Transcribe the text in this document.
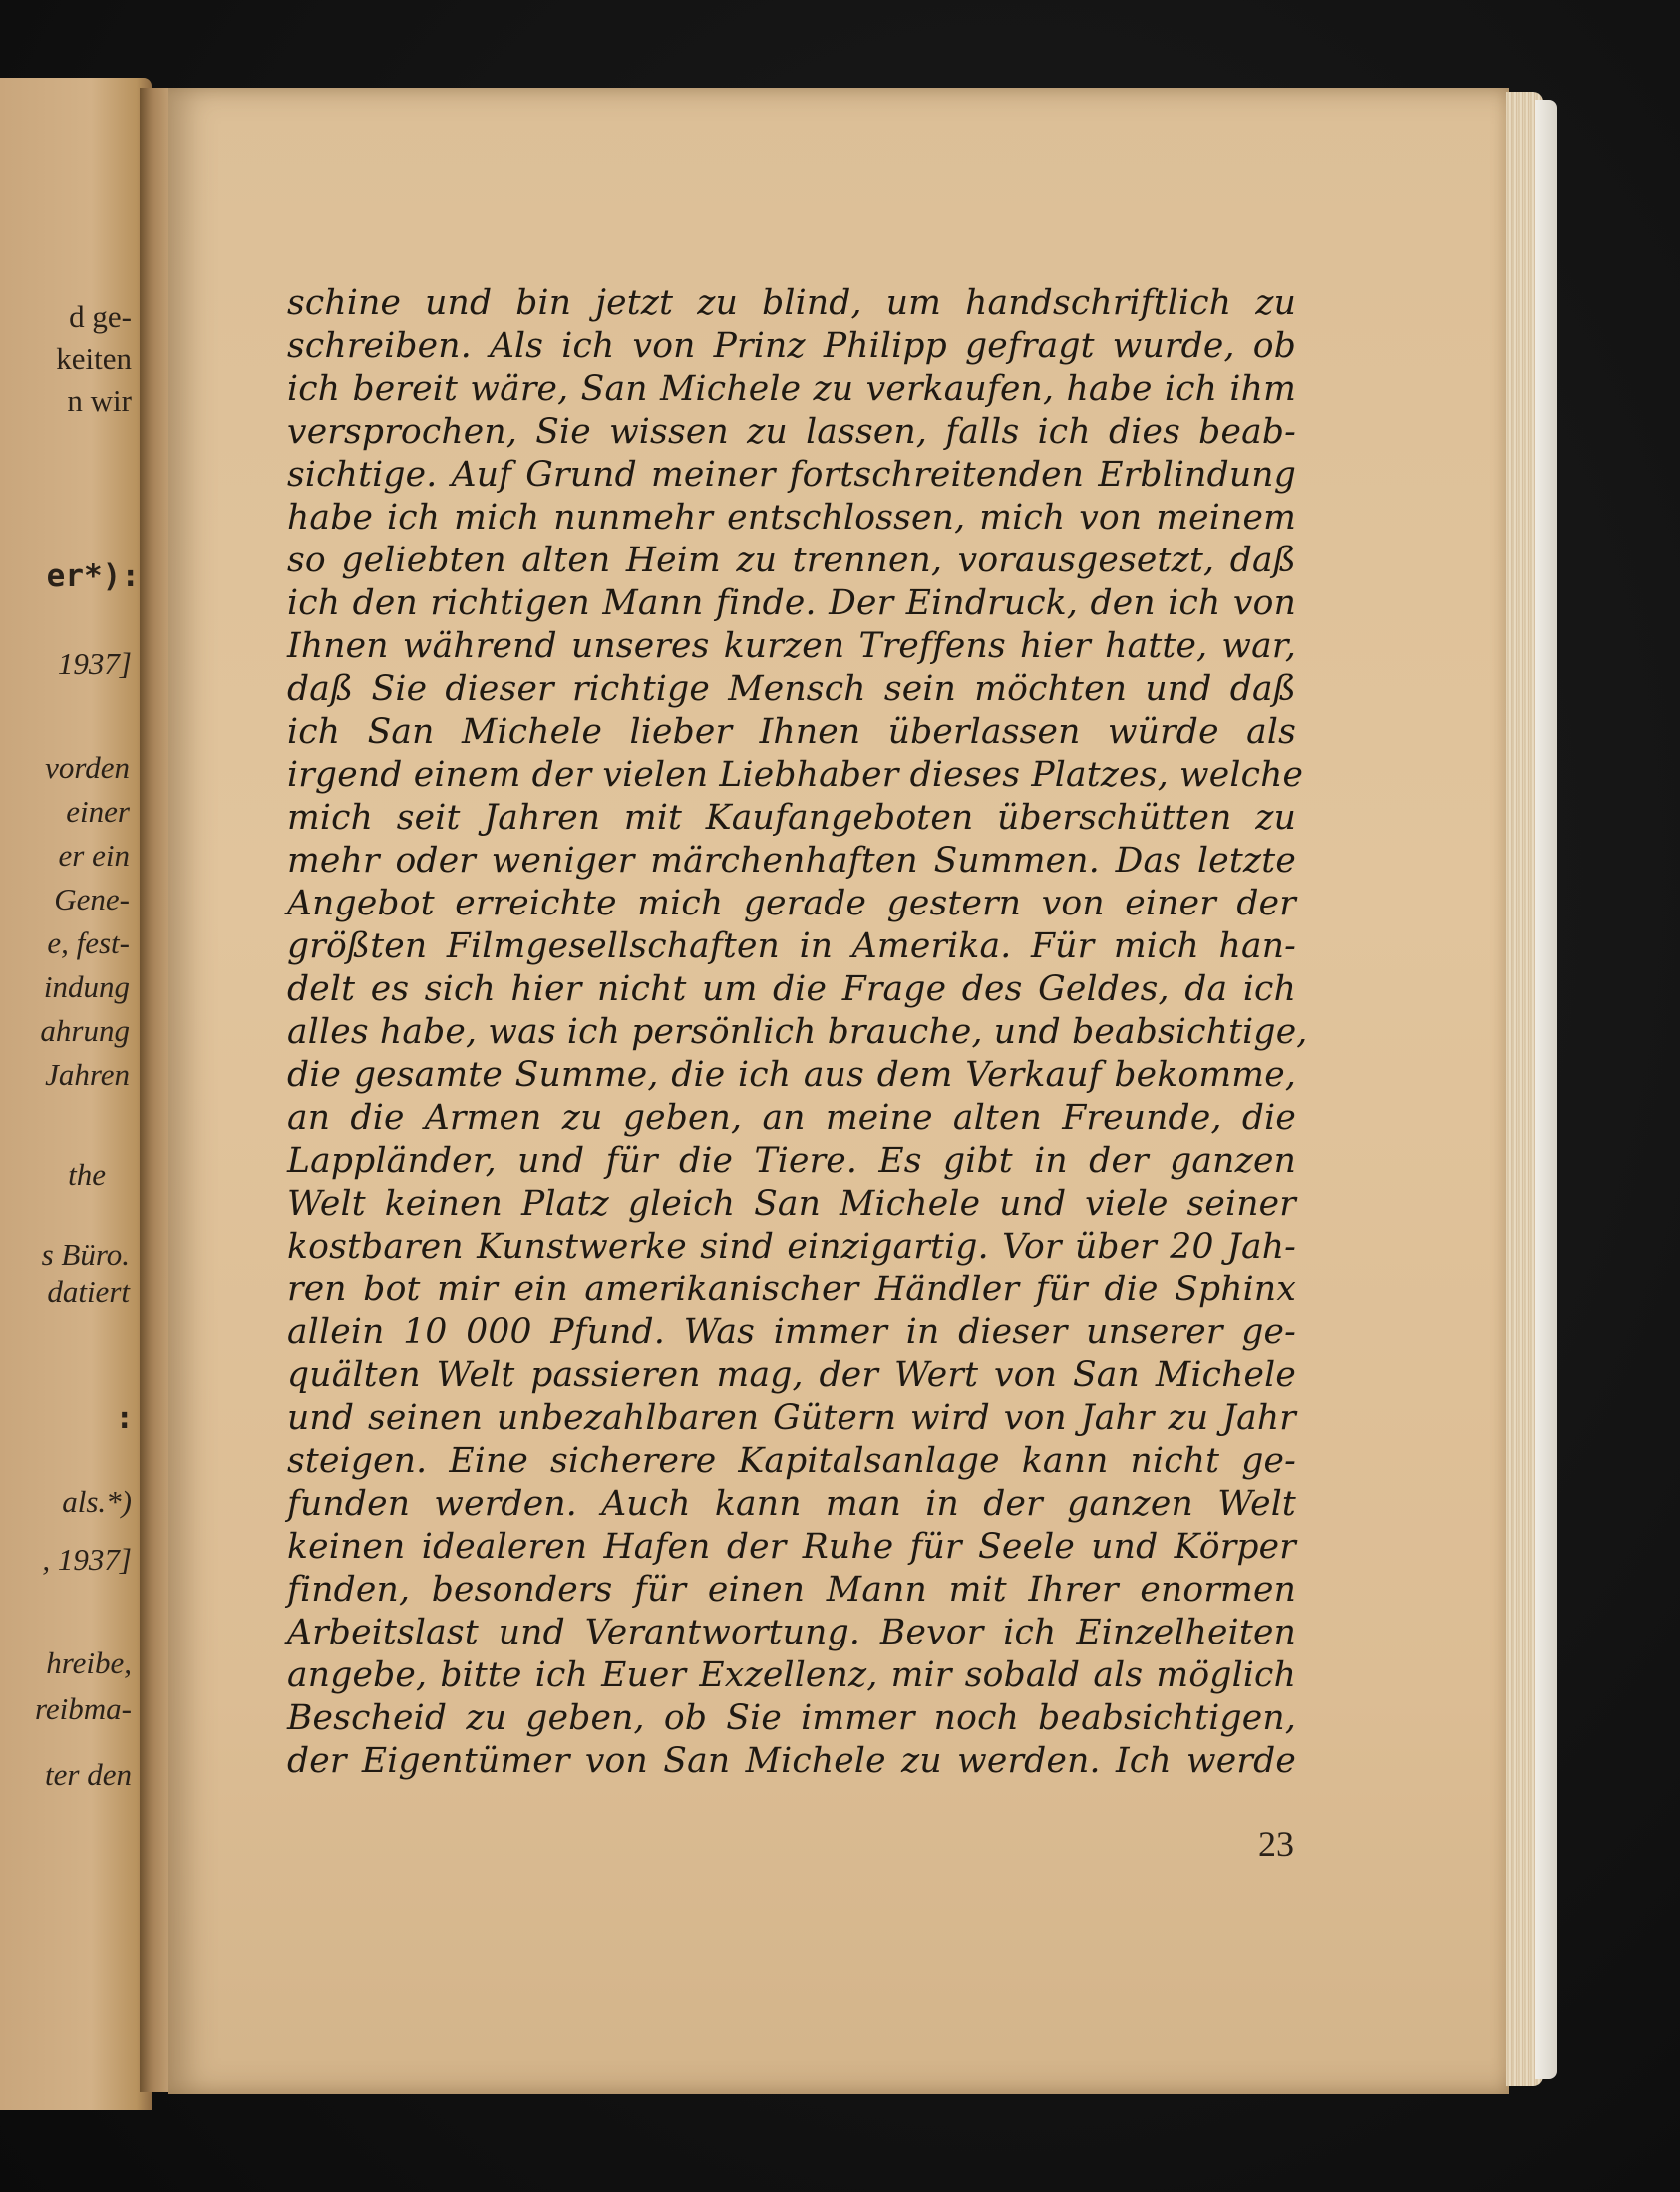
d ge-
keiten
n wir
er*):
1937]
vorden
einer
er ein
Gene-
e, fest-
indung
ahrung
Jahren
the
s Büro.
datiert
:
als.*)
, 1937]
hreibe,
reibma-
ter den
schine und bin jetzt zu blind, um handschriftlich zu
schreiben. Als ich von Prinz Philipp gefragt wurde, ob
ich bereit wäre, San Michele zu verkaufen, habe ich ihm
versprochen, Sie wissen zu lassen, falls ich dies beab-
sichtige. Auf Grund meiner fortschreitenden Erblindung
habe ich mich nunmehr entschlossen, mich von meinem
so geliebten alten Heim zu trennen, vorausgesetzt, daß
ich den richtigen Mann finde. Der Eindruck, den ich von
Ihnen während unseres kurzen Treffens hier hatte, war,
daß Sie dieser richtige Mensch sein möchten und daß
ich San Michele lieber Ihnen überlassen würde als
irgend einem der vielen Liebhaber dieses Platzes, welche
mich seit Jahren mit Kaufangeboten überschütten zu
mehr oder weniger märchenhaften Summen. Das letzte
Angebot erreichte mich gerade gestern von einer der
größten Filmgesellschaften in Amerika. Für mich han-
delt es sich hier nicht um die Frage des Geldes, da ich
alles habe, was ich persönlich brauche, und beabsichtige,
die gesamte Summe, die ich aus dem Verkauf bekomme,
an die Armen zu geben, an meine alten Freunde, die
Lappländer, und für die Tiere. Es gibt in der ganzen
Welt keinen Platz gleich San Michele und viele seiner
kostbaren Kunstwerke sind einzigartig. Vor über 20 Jah-
ren bot mir ein amerikanischer Händler für die Sphinx
allein 10 000 Pfund. Was immer in dieser unserer ge-
quälten Welt passieren mag, der Wert von San Michele
und seinen unbezahlbaren Gütern wird von Jahr zu Jahr
steigen. Eine sicherere Kapitalsanlage kann nicht ge-
funden werden. Auch kann man in der ganzen Welt
keinen idealeren Hafen der Ruhe für Seele und Körper
finden, besonders für einen Mann mit Ihrer enormen
Arbeitslast und Verantwortung. Bevor ich Einzelheiten
angebe, bitte ich Euer Exzellenz, mir sobald als möglich
Bescheid zu geben, ob Sie immer noch beabsichtigen,
der Eigentümer von San Michele zu werden. Ich werde
23
